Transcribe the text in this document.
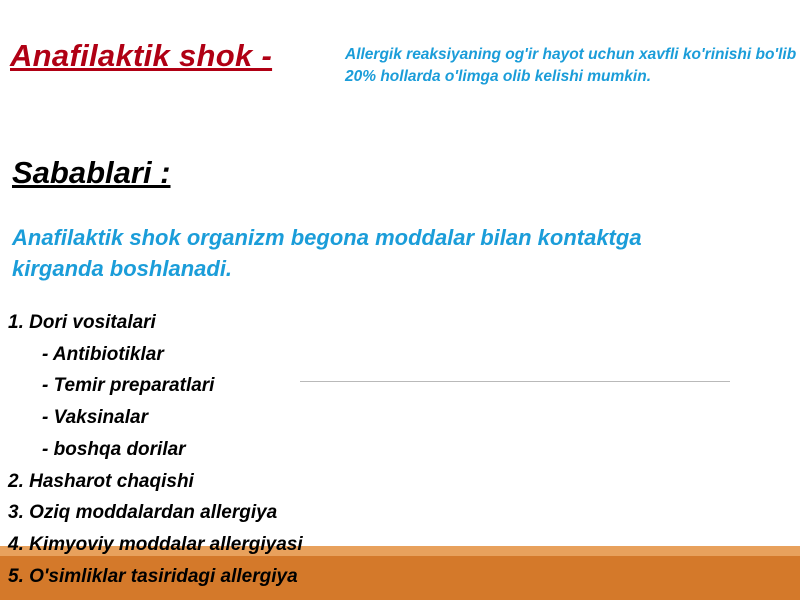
Anafilaktik shok -	Allergik reaksiyaning og'ir hayot uchun xavfli ko'rinishi bo'lib 20% hollarda o'limga olib kelishi mumkin.
Sabablari :
Anafilaktik shok organizm begona moddalar bilan kontaktga kirganda boshlanadi.
1. Dori vositalari
- Antibiotiklar
- Temir preparatlari
- Vaksinalar
- boshqa dorilar
2. Hasharot chaqishi
3. Oziq moddalardan allergiya
4. Kimyoviy moddalar allergiyasi
5. O'simliklar tasiridagi allergiya
